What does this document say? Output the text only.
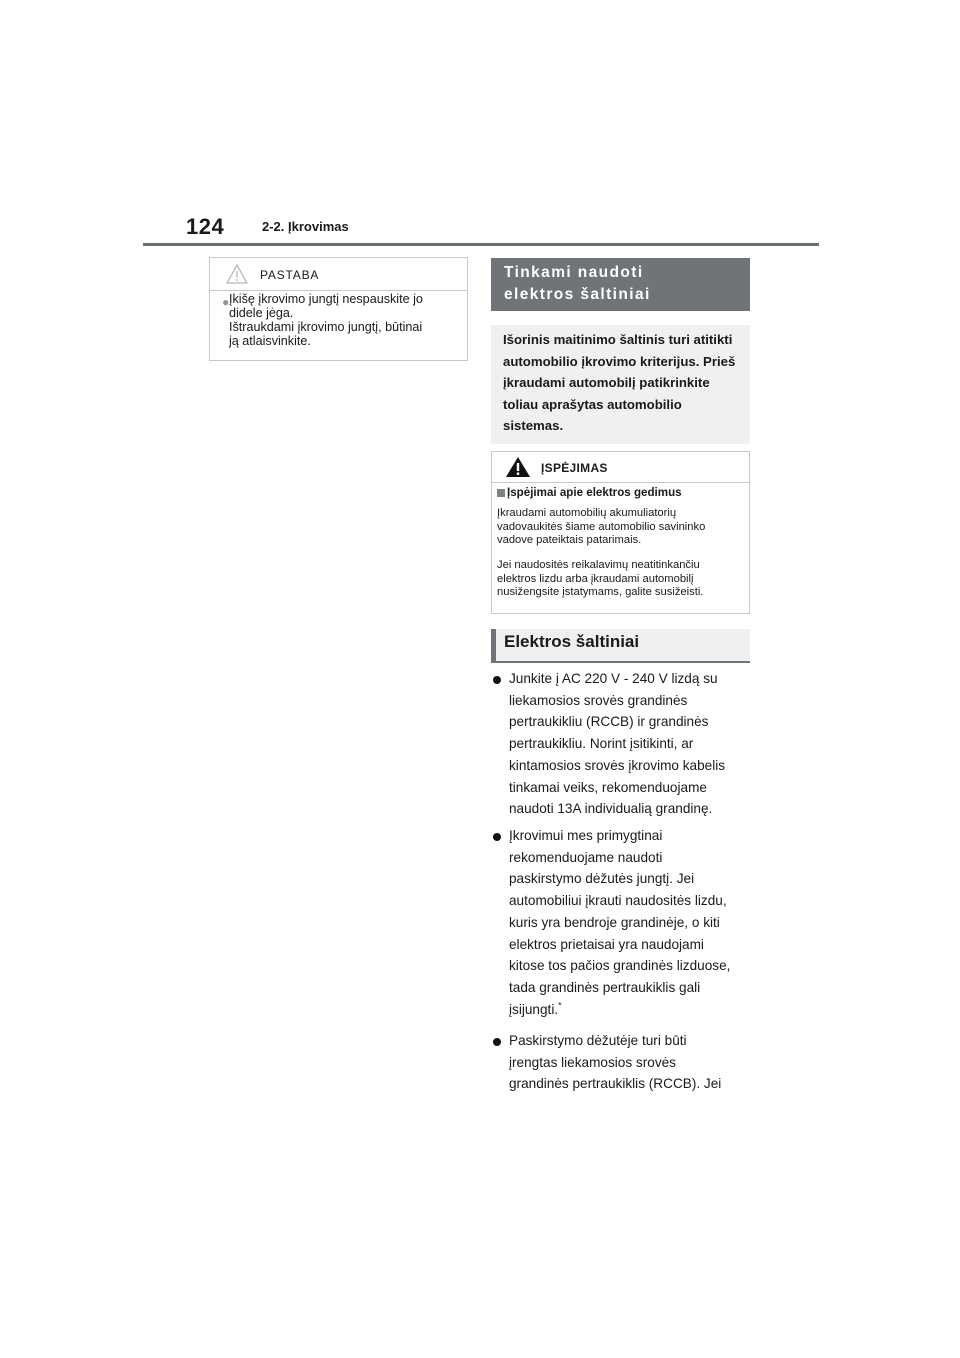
124	2-2. Įkrovimas
PASTABA
● Įkišę įkrovimo jungtį nespauskite jo
didele jėga.
Ištraukdami įkrovimo jungtį, būtinai
ją atlaisvinkite.

Tinkami naudoti
elektros šaltiniai
Išorinis maitinimo šaltinis turi atitikti automobilio įkrovimo kriterijus. Prieš įkraudami automobilį patikrinkite toliau aprašytas automobilio sistemas.
ĮSPĖJIMAS
Įspėjimai apie elektros gedimus
Įkraudami automobilių akumuliatorių
vadovaukitės šiame automobilio savininko
vadove pateiktais patarimais.
Jei naudositės reikalavimų neatitinkančiu
elektros lizdu arba įkraudami automobilį
nusižengsite įstatymams, galite susižeisti.
Elektros šaltiniai
Junkite į AC 220 V - 240 V lizdą su
liekamosios srovės grandinės
pertraukikliu (RCCB) ir grandinės
pertraukikliu. Norint įsitikinti, ar
kintamosios srovės įkrovimo kabelis
tinkamai veiks, rekomenduojame
naudoti 13A individualią grandinę.
Įkrovimui mes primygtinai
rekomenduojame naudoti
paskirstymo dėžutės jungtį. Jei
automobiliui įkrauti naudositės lizdu,
kuris yra bendroje grandinėje, o kiti
elektros prietaisai yra naudojami
kitose tos pačios grandinės lizduose,
tada grandinės pertraukiklis gali
įsijungti.*
Paskirstymo dėžutėje turi būti
įrengtas liekamosios srovės
grandinės pertraukiklis (RCCB). Jei
